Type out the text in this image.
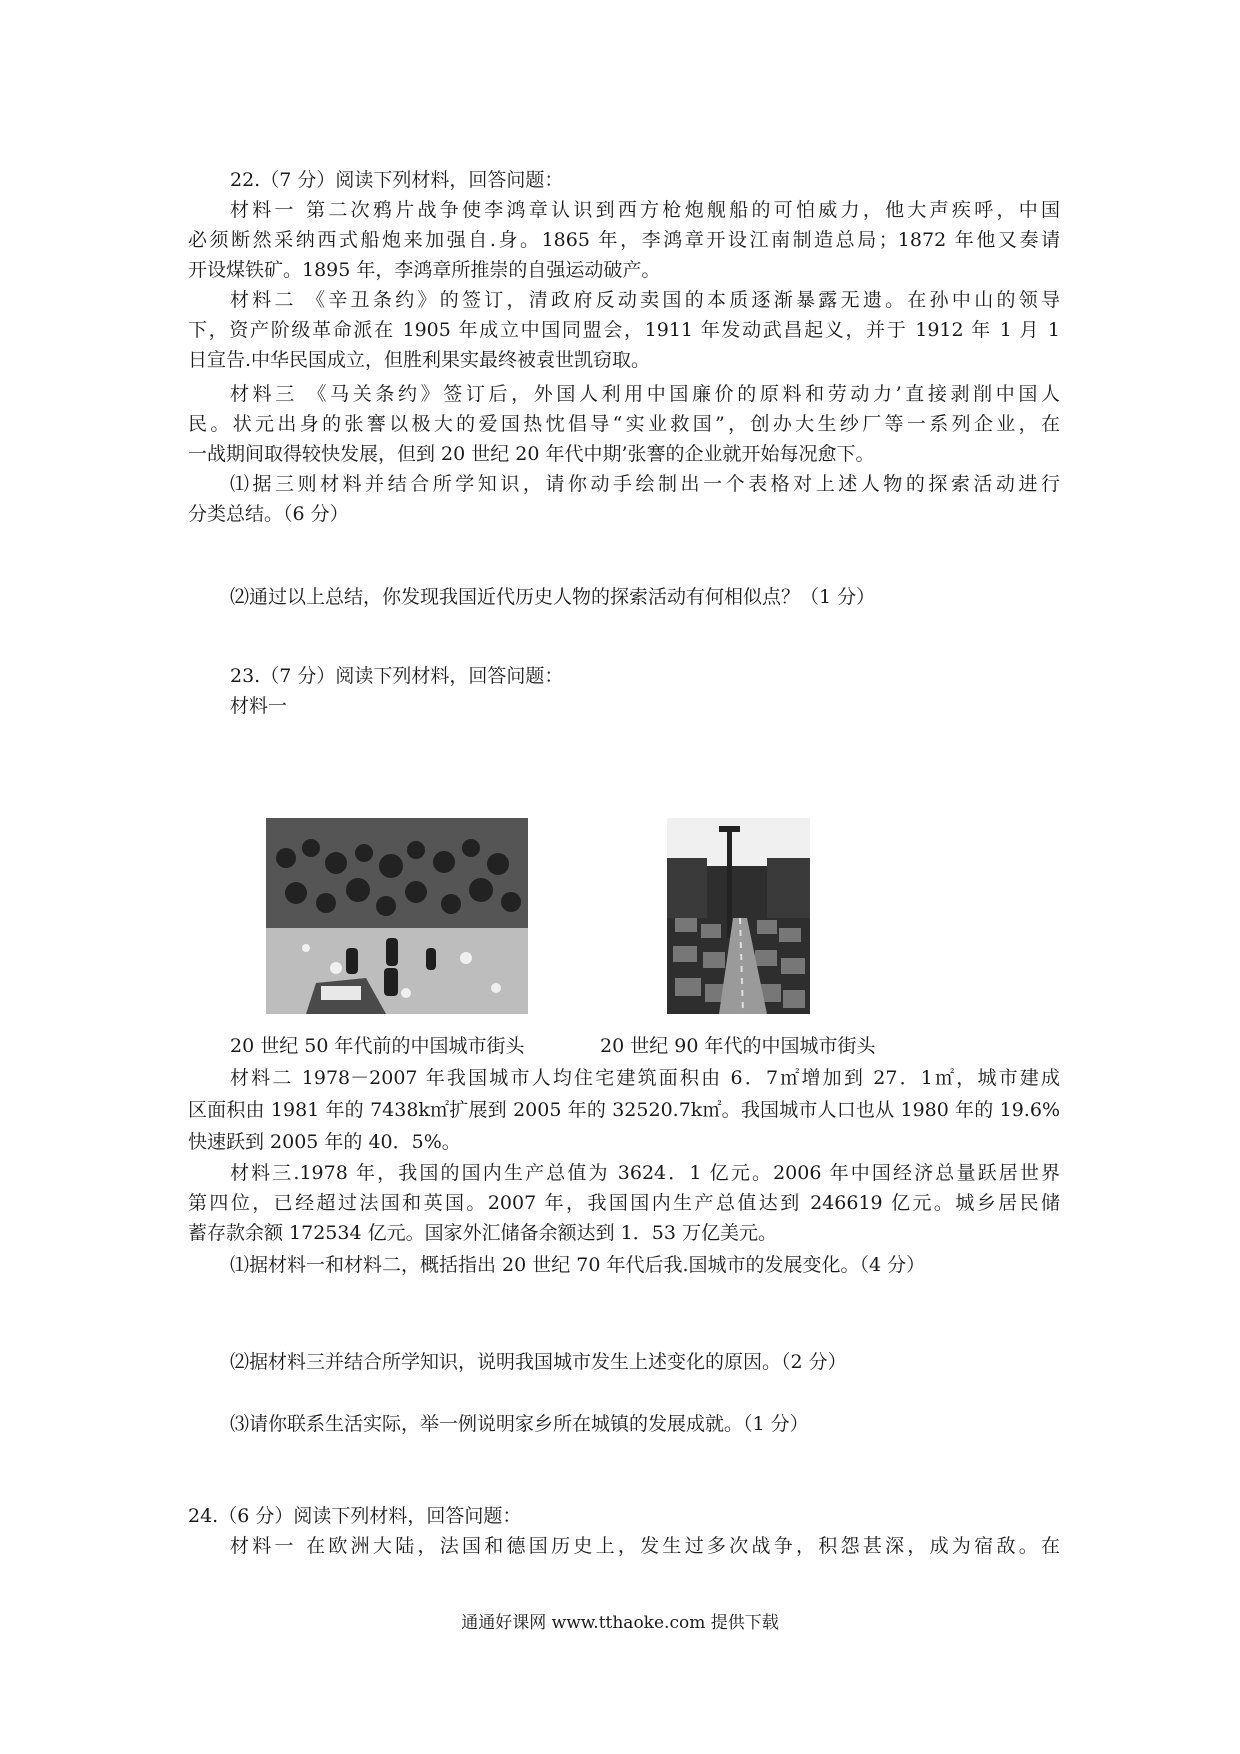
22.（7 分）阅读下列材料，回答问题：
材料一 第二次鸦片战争使李鸿章认识到西方枪炮舰船的可怕威力，他大声疾呼，中国
必须断然采纳西式船炮来加强自.身。1865 年，李鸿章开设江南制造总局；1872 年他又奏请
开设煤铁矿。1895 年，李鸿章所推崇的自强运动破产。
材料二 《辛丑条约》的签订，清政府反动卖国的本质逐渐暴露无遗。在孙中山的领导
下，资产阶级革命派在 1905 年成立中国同盟会，1911 年发动武昌起义，并于 1912 年 1 月 1
日宣告.中华民国成立，但胜利果实最终被袁世凯窃取。
材料三 《马关条约》签订后，外国人利用中国廉价的原料和劳动力’直接剥削中国人
民。状元出身的张謇以极大的爱国热忱倡导“实业救国”，创办大生纱厂等一系列企业，在
一战期间取得较快发展，但到 20 世纪 20 年代中期’张謇的企业就开始每况愈下。
⑴据三则材料并结合所学知识，请你动手绘制出一个表格对上述人物的探索活动进行
分类总结。（6 分）
⑵通过以上总结，你发现我国近代历史人物的探索活动有何相似点？（1 分）
23.（7 分）阅读下列材料，回答问题：
材料一
20 世纪 50 年代前的中国城市街头	20 世纪 90 年代的中国城市街头
材料二 1978－2007 年我国城市人均住宅建筑面积由 6．7㎡增加到 27．1㎡，城市建成
区面积由 1981 年的 7438k㎡扩展到 2005 年的 32520.7k㎡。我国城市人口也从 1980 年的 19.6%
快速跃到 2005 年的 40．5%。
材料三.1978 年，我国的国内生产总值为 3624．1 亿元。2006 年中国经济总量跃居世界
第四位，已经超过法国和英国。2007 年，我国国内生产总值达到 246619 亿元。城乡居民储
蓄存款余额 172534 亿元。国家外汇储备余额达到 1．53 万亿美元。
⑴据材料一和材料二，概括指出 20 世纪 70 年代后我.国城市的发展变化。（4 分）
⑵据材料三并结合所学知识，说明我国城市发生上述变化的原因。（2 分）
⑶请你联系生活实际，举一例说明家乡所在城镇的发展成就。（1 分）
24.（6 分）阅读下列材料，回答问题：
材料一 在欧洲大陆，法国和德国历史上，发生过多次战争，积怨甚深，成为宿敌。在
通通好课网 www.tthaoke.com 提供下载
